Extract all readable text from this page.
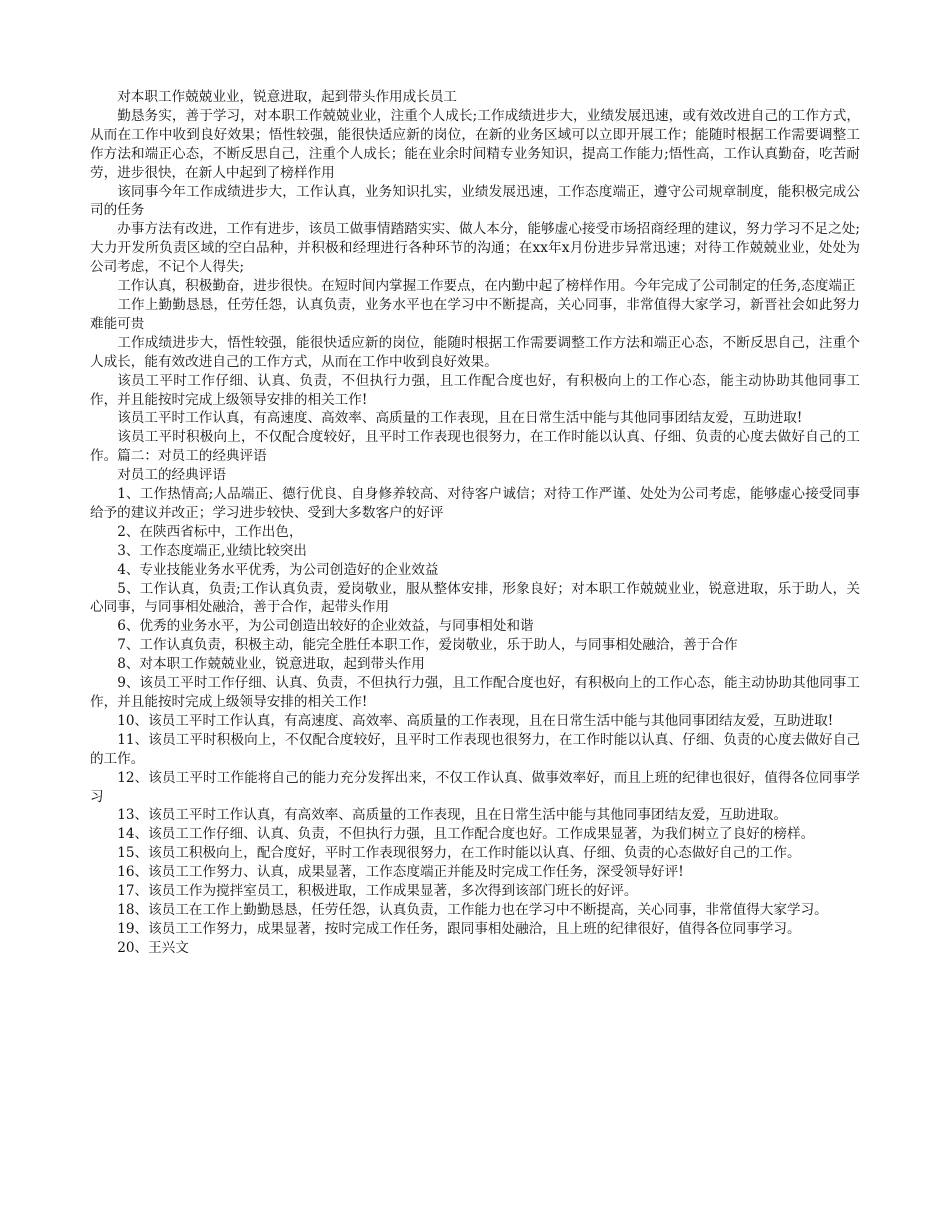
对本职工作兢兢业业，锐意进取，起到带头作用成长员工

勤恳务实，善于学习，对本职工作兢兢业业，注重个人成长;工作成绩进步大，业绩发展迅速，或有效改进自己的工作方式，从而在工作中收到良好效果；悟性较强，能很快适应新的岗位，在新的业务区域可以立即开展工作；能随时根据工作需要调整工作方法和端正心态，不断反思自己，注重个人成长；能在业余时间精专业务知识，提高工作能力;悟性高，工作认真勤奋，吃苦耐劳，进步很快，在新人中起到了榜样作用

该同事今年工作成绩进步大，工作认真，业务知识扎实，业绩发展迅速，工作态度端正，遵守公司规章制度，能积极完成公司的任务

办事方法有改进，工作有进步，该员工做事情踏踏实实、做人本分，能够虚心接受市场招商经理的建议，努力学习不足之处;大力开发所负责区域的空白品种，并积极和经理进行各种环节的沟通；在xx年x月份进步异常迅速；对待工作兢兢业业，处处为公司考虑，不记个人得失;

工作认真，积极勤奋，进步很快。在短时间内掌握工作要点，在内勤中起了榜样作用。今年完成了公司制定的任务,态度端正

工作上勤勤恳恳，任劳任怨，认真负责，业务水平也在学习中不断提高，关心同事，非常值得大家学习，新晋社会如此努力难能可贵

工作成绩进步大，悟性较强，能很快适应新的岗位，能随时根据工作需要调整工作方法和端正心态，不断反思自己，注重个人成长，能有效改进自己的工作方式，从而在工作中收到良好效果。

该员工平时工作仔细、认真、负责，不但执行力强，且工作配合度也好，有积极向上的工作心态，能主动协助其他同事工作，并且能按时完成上级领导安排的相关工作!

该员工平时工作认真，有高速度、高效率、高质量的工作表现，且在日常生活中能与其他同事团结友爱，互助进取!

该员工平时积极向上，不仅配合度较好，且平时工作表现也很努力，在工作时能以认真、仔细、负责的心度去做好自己的工作。篇二：对员工的经典评语

对员工的经典评语

1、工作热情高;人品端正、德行优良、自身修养较高、对待客户诚信；对待工作严谨、处处为公司考虑，能够虚心接受同事给予的建议并改正；学习进步较快、受到大多数客户的好评

2、在陕西省标中，工作出色，

3、工作态度端正,业绩比较突出

4、专业技能业务水平优秀，为公司创造好的企业效益

5、工作认真，负责;工作认真负责，爱岗敬业，服从整体安排，形象良好；对本职工作兢兢业业，锐意进取，乐于助人，关心同事，与同事相处融洽，善于合作，起带头作用

6、优秀的业务水平，为公司创造出较好的企业效益，与同事相处和谐

7、工作认真负责，积极主动，能完全胜任本职工作，爱岗敬业，乐于助人，与同事相处融洽，善于合作

8、对本职工作兢兢业业，锐意进取，起到带头作用

9、该员工平时工作仔细、认真、负责，不但执行力强，且工作配合度也好，有积极向上的工作心态，能主动协助其他同事工作，并且能按时完成上级领导安排的相关工作!

10、该员工平时工作认真，有高速度、高效率、高质量的工作表现，且在日常生活中能与其他同事团结友爱，互助进取!

11、该员工平时积极向上，不仅配合度较好，且平时工作表现也很努力，在工作时能以认真、仔细、负责的心度去做好自己的工作。

12、该员工平时工作能将自己的能力充分发挥出来，不仅工作认真、做事效率好，而且上班的纪律也很好，值得各位同事学习

13、该员工平时工作认真，有高效率、高质量的工作表现，且在日常生活中能与其他同事团结友爱，互助进取。

14、该员工工作仔细、认真、负责，不但执行力强，且工作配合度也好。工作成果显著，为我们树立了良好的榜样。

15、该员工积极向上，配合度好，平时工作表现很努力，在工作时能以认真、仔细、负责的心态做好自己的工作。

16、该员工工作努力、认真，成果显著，工作态度端正并能及时完成工作任务，深受领导好评!

17、该员工作为搅拌室员工，积极进取，工作成果显著，多次得到该部门班长的好评。

18、该员工在工作上勤勤恳恳，任劳任怨，认真负责，工作能力也在学习中不断提高，关心同事，非常值得大家学习。

19、该员工工作努力，成果显著，按时完成工作任务，跟同事相处融洽，且上班的纪律很好，值得各位同事学习。

20、王兴文
